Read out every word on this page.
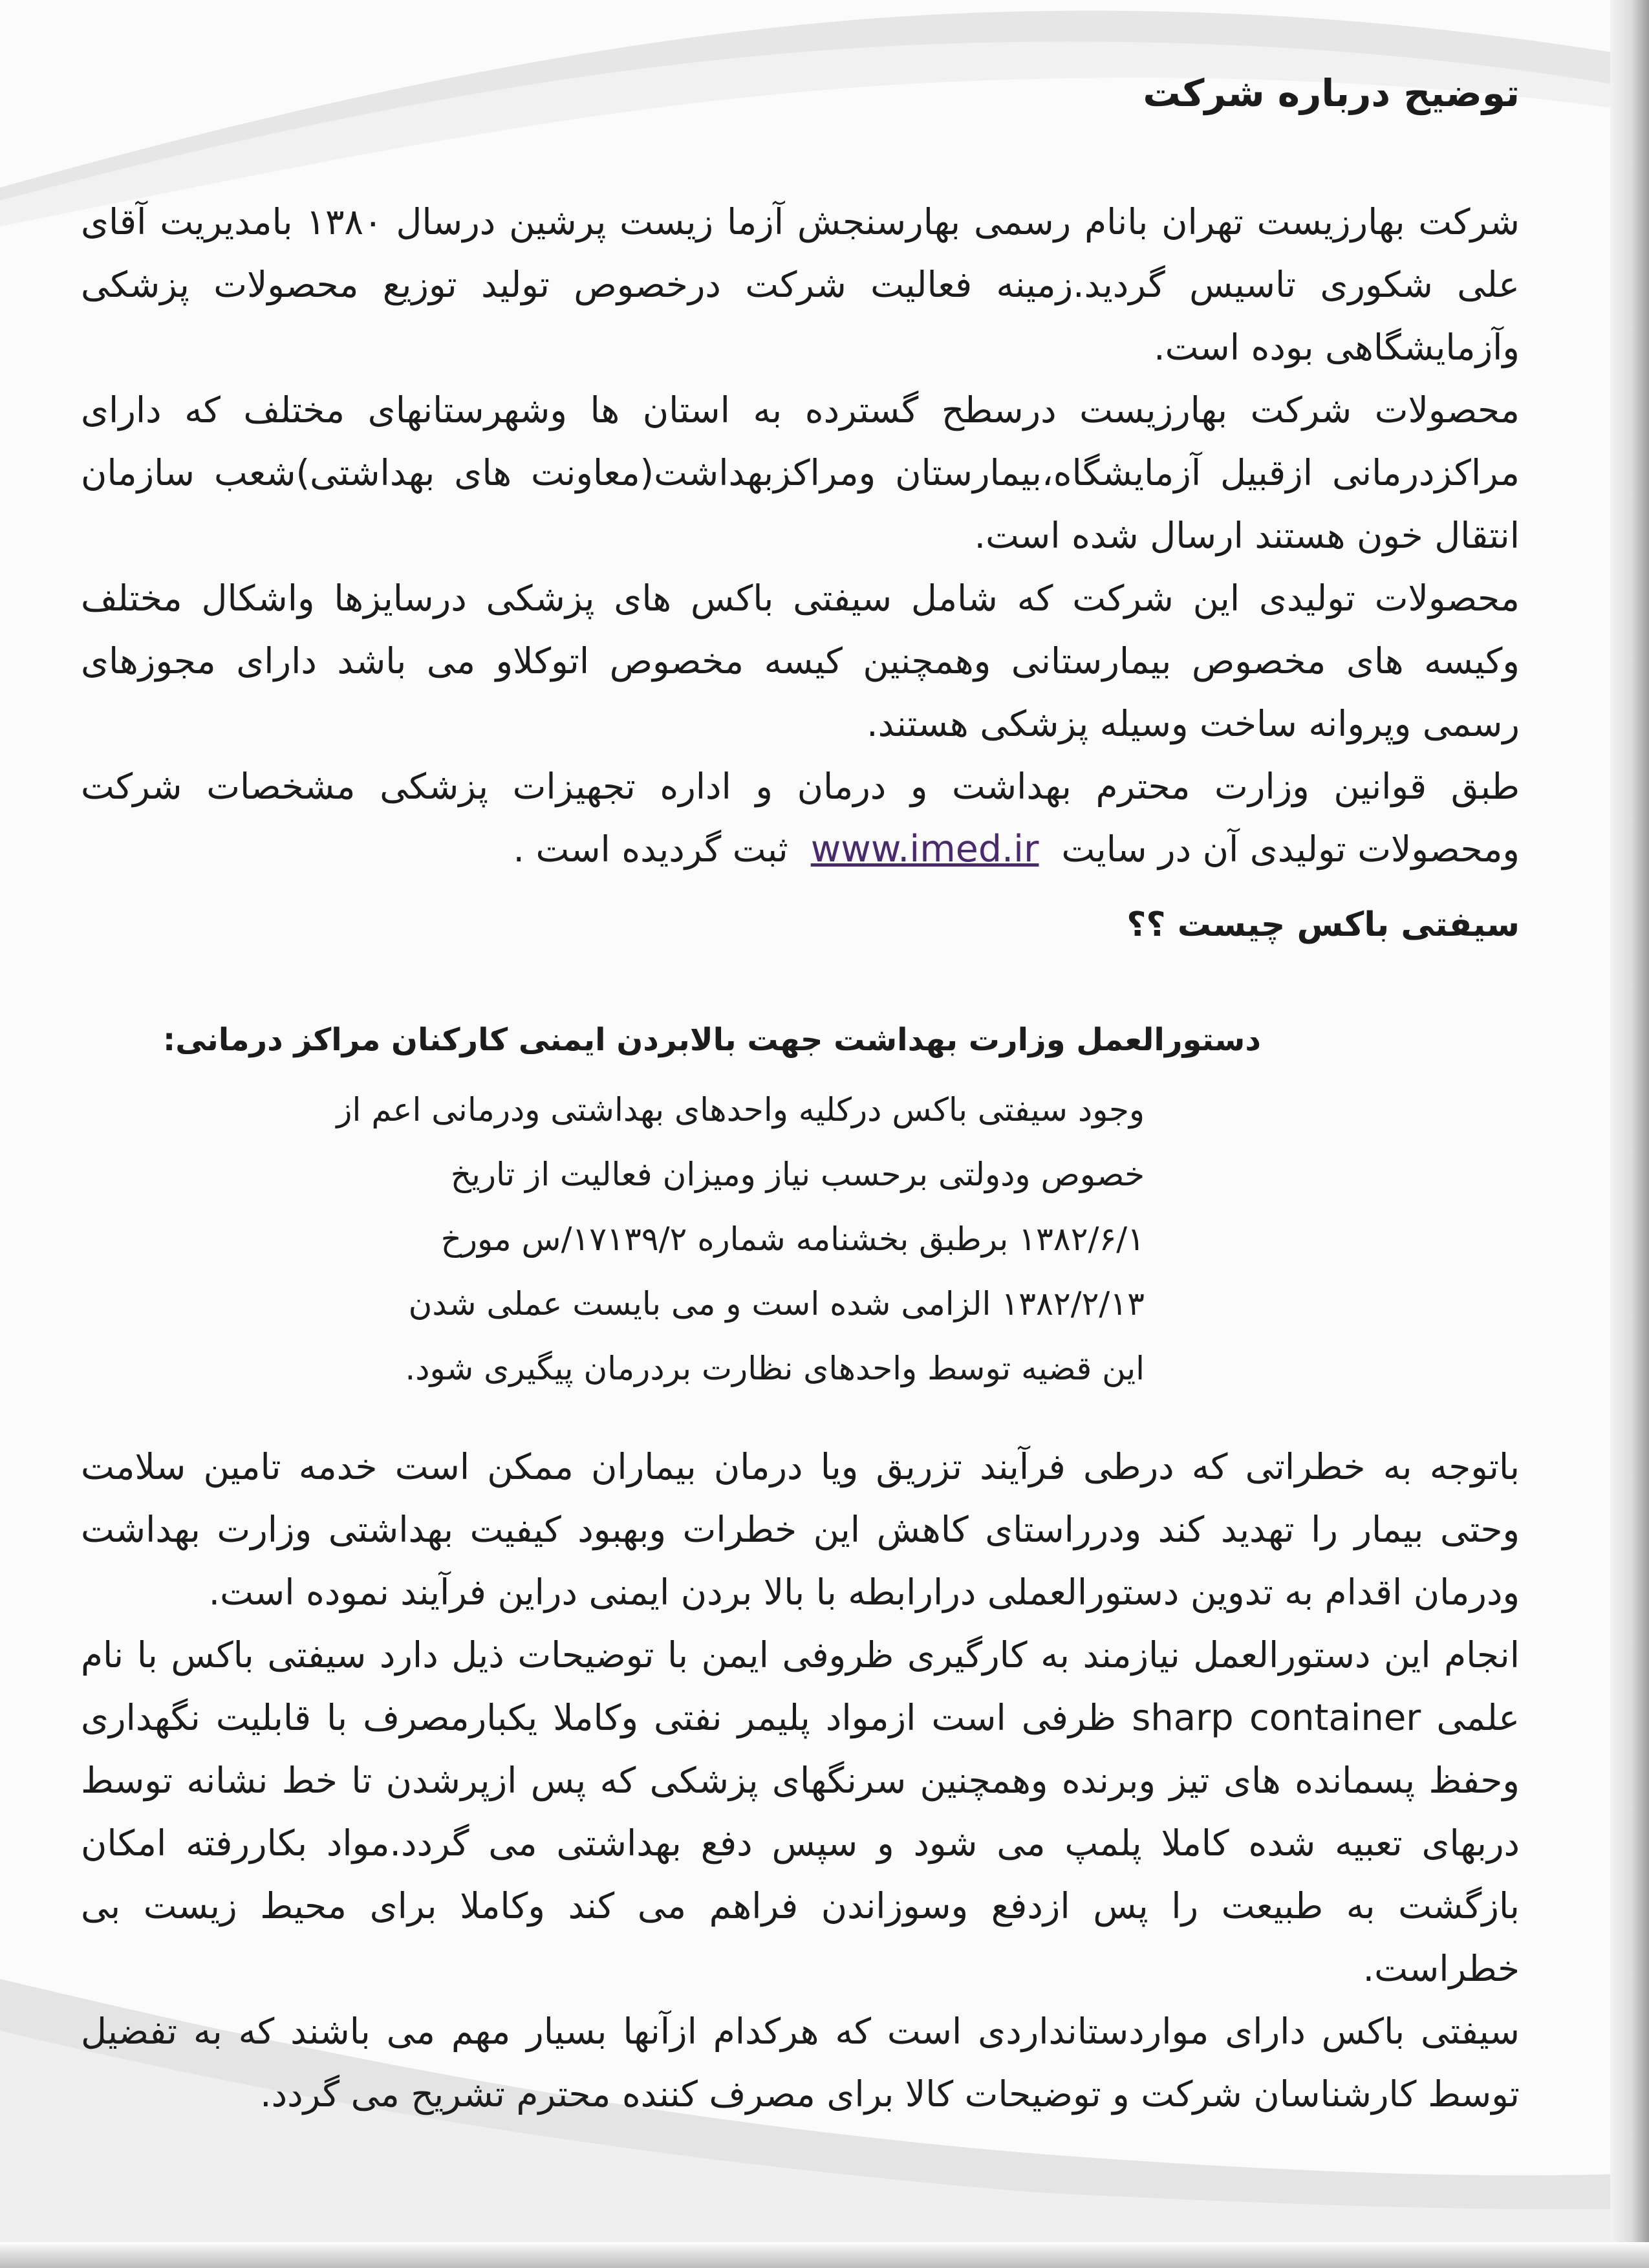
توضیح درباره شرکت

شرکت بهارزیست تهران بانام رسمی بهارسنجش آزما زیست پرشین درسال ۱۳۸۰ بامدیریت آقای علی شکوری تاسیس گردید.زمینه فعالیت شرکت درخصوص تولید توزیع محصولات پزشکی وآزمایشگاهی بوده است.

محصولات شرکت بهارزیست درسطح گسترده به استان ها وشهرستانهای مختلف که دارای مراکزدرمانی ازقبیل آزمایشگاه،بیمارستان ومراکزبهداشت(معاونت های بهداشتی)شعب سازمان انتقال خون هستند ارسال شده است.

محصولات تولیدی این شرکت که شامل سیفتی باکس های پزشکی درسایزها واشکال مختلف وکیسه های مخصوص بیمارستانی وهمچنین کیسه مخصوص اتوکلاو می باشد دارای مجوزهای رسمی وپروانه ساخت وسیله پزشکی هستند.

طبق قوانین وزارت محترم بهداشت و درمان و اداره تجهیزات پزشکی مشخصات شرکت ومحصولات تولیدی آن در سایت  www.imed.ir  ثبت گردیده است .

سیفتی باکس چیست ؟؟
دستورالعمل وزارت بهداشت جهت بالابردن ایمنی کارکنان مراکز درمانی:
وجود سیفتی باکس درکلیه واحدهای بهداشتی ودرمانی اعم از
خصوص ودولتی برحسب نیاز ومیزان فعالیت از تاریخ
۱۳۸۲/۶/۱ برطبق بخشنامه شماره ۱۷۱۳۹/۲/س مورخ
۱۳۸۲/۲/۱۳ الزامی شده است و می بایست عملی شدن
این قضیه توسط واحدهای نظارت بردرمان پیگیری شود.

باتوجه به خطراتی که درطی فرآیند تزریق ویا درمان بیماران ممکن است خدمه تامین سلامت وحتی بیمار را تهدید کند ودرراستای کاهش این خطرات وبهبود کیفیت بهداشتی وزارت بهداشت ودرمان اقدام به تدوین دستورالعملی درارابطه با بالا بردن ایمنی دراین فرآیند نموده است.

انجام این دستورالعمل نیازمند به کارگیری ظروفی ایمن با توضیحات ذیل دارد سیفتی باکس با نام علمی sharp container ظرفی است ازمواد پلیمر نفتی وکاملا یکبارمصرف با قابلیت نگهداری وحفظ پسمانده های تیز وبرنده وهمچنین سرنگهای پزشکی که پس ازپرشدن تا خط نشانه توسط دربهای تعبیه شده کاملا پلمپ می شود و سپس دفع بهداشتی می گردد.مواد بکاررفته امکان بازگشت به طبیعت را پس ازدفع وسوزاندن فراهم می کند وکاملا برای محیط زیست بی خطراست.

سیفتی باکس دارای مواردستانداردی است که هرکدام ازآنها بسیار مهم می باشند که به تفضیل توسط کارشناسان شرکت و توضیحات کالا برای مصرف کننده محترم تشریح می گردد.
